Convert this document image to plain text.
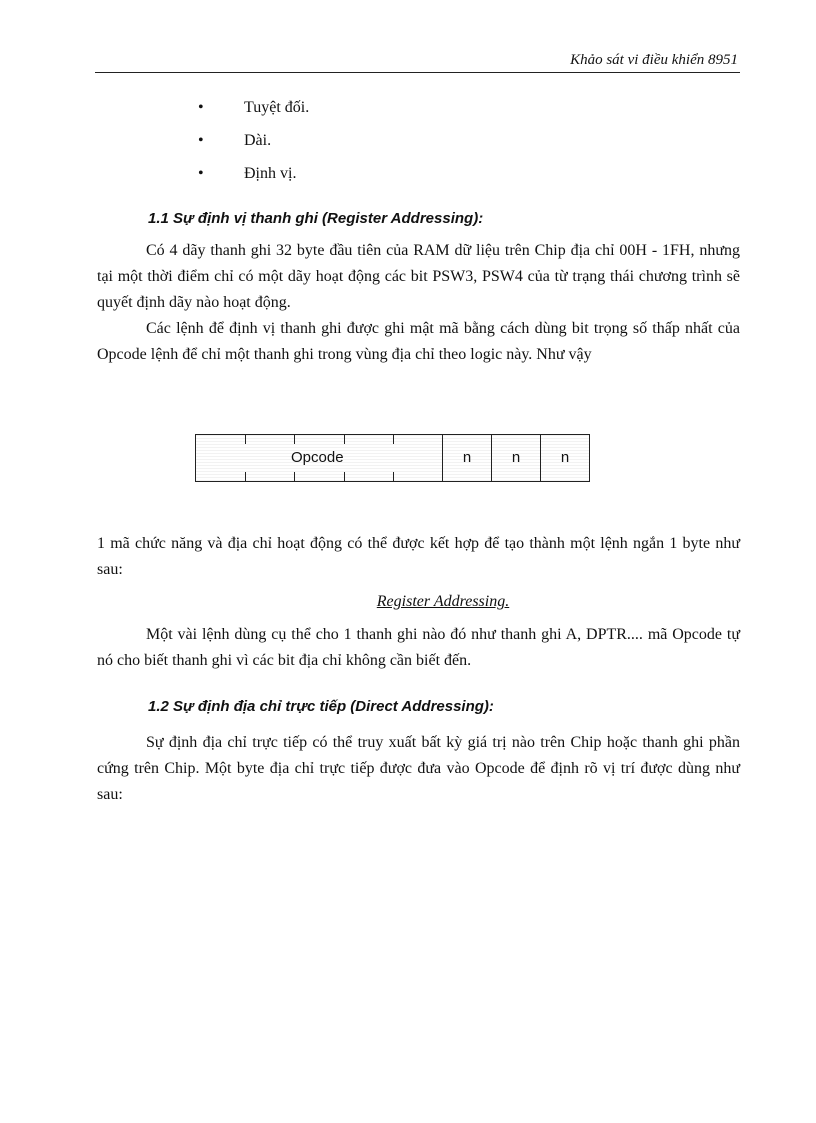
Khảo sát vi điều khiển 8951
•	Tuyệt đối.
•	Dài.
•	Định vị.
1.1 Sự định vị thanh ghi (Register Addressing):

Có 4 dãy thanh ghi 32 byte đầu tiên của RAM dữ liệu trên Chip địa chỉ 00H - 1FH, nhưng tại một thời điểm chỉ có một dãy hoạt động các bit PSW3, PSW4 của từ trạng thái chương trình sẽ quyết định dãy nào hoạt động.

Các lệnh để định vị thanh ghi được ghi mật mã bằng cách dùng bit trọng số thấp nhất của Opcode lệnh để chỉ một thanh ghi trong vùng địa chỉ theo logic này. Như vậy

Opcode	n	n	n

1 mã chức năng và địa chỉ hoạt động có thể được kết hợp để tạo thành một lệnh ngắn 1 byte như sau:

Register Addressing.

Một vài lệnh dùng cụ thể cho 1 thanh ghi nào đó như thanh ghi A, DPTR.... mã Opcode tự nó cho biết thanh ghi vì các bit địa chỉ không cần biết đến.

1.2 Sự định địa chỉ trực tiếp (Direct Addressing):

Sự định địa chỉ trực tiếp có thể truy xuất bất kỳ giá trị nào trên Chip hoặc thanh ghi phần cứng trên Chip. Một byte địa chỉ trực tiếp được đưa vào Opcode để định rõ vị trí được dùng như sau:
